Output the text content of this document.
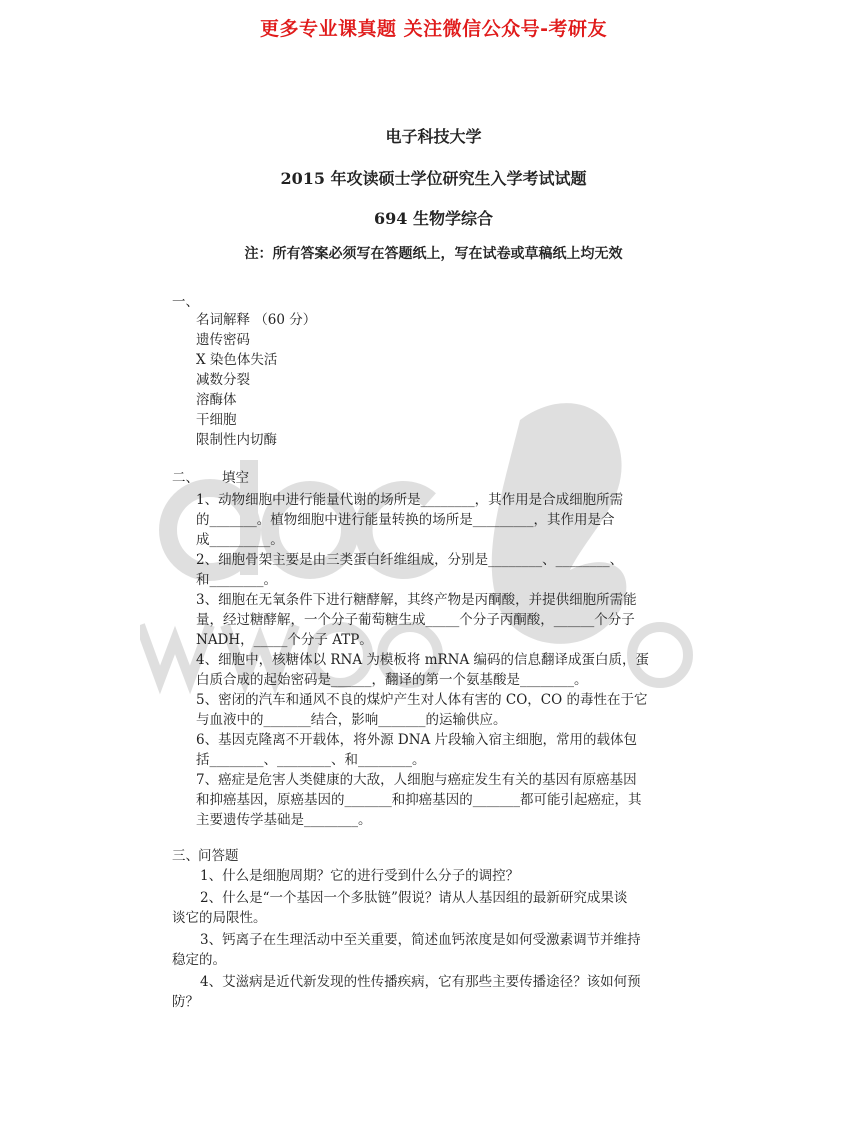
更多专业课真题 关注微信公众号-考研友
电子科技大学
2015 年攻读硕士学位研究生入学考试试题
694 生物学综合
注：所有答案必须写在答题纸上，写在试卷或草稿纸上均无效
一、
名词解释 （60 分）
遗传密码
X 染色体失活
减数分裂
溶酶体
干细胞
限制性内切酶
二、 填空
1、动物细胞中进行能量代谢的场所是________，其作用是合成细胞所需
的_______。植物细胞中进行能量转换的场所是_________，其作用是合
成_________。
2、细胞骨架主要是由三类蛋白纤维组成，分别是________、________、
和________。
3、细胞在无氧条件下进行糖酵解，其终产物是丙酮酸，并提供细胞所需能
量，经过糖酵解，一个分子葡萄糖生成_____个分子丙酮酸，______个分子
NADH，_____个分子 ATP。
4、细胞中，核糖体以 RNA 为模板将 mRNA 编码的信息翻译成蛋白质，蛋
白质合成的起始密码是______，翻译的第一个氨基酸是________。
5、密闭的汽车和通风不良的煤炉产生对人体有害的 CO，CO 的毒性在于它
与血液中的_______结合，影响_______的运输供应。
6、基因克隆离不开载体，将外源 DNA 片段输入宿主细胞，常用的载体包
括________、________、和________。
7、癌症是危害人类健康的大敌，人细胞与癌症发生有关的基因有原癌基因
和抑癌基因，原癌基因的_______和抑癌基因的_______都可能引起癌症，其
主要遗传学基础是________。
三、 问答题
1、什么是细胞周期？它的进行受到什么分子的调控？
2、什么是“一个基因一个多肽链”假说？请从人基因组的最新研究成果谈
谈它的局限性。
3、钙离子在生理活动中至关重要，简述血钙浓度是如何受激素调节并维持
稳定的。
4、艾滋病是近代新发现的性传播疾病，它有那些主要传播途径？该如何预
防？
